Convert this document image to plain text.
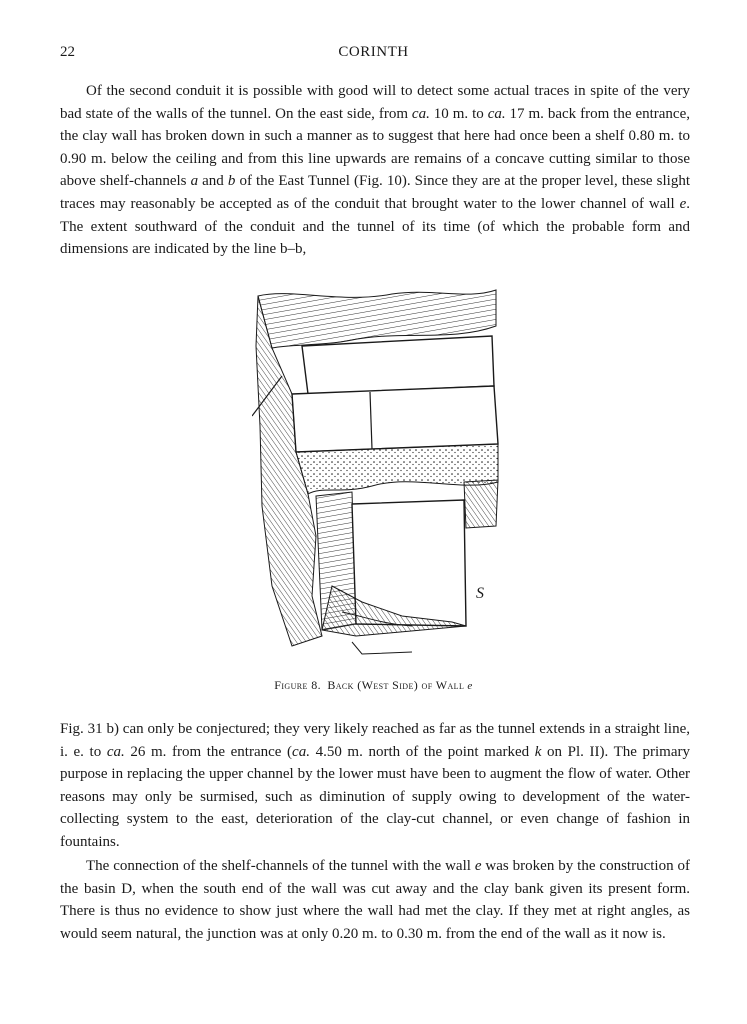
22	CORINTH

Of the second conduit it is possible with good will to detect some actual traces in spite of the very bad state of the walls of the tunnel. On the east side, from ca. 10 m. to ca. 17 m. back from the entrance, the clay wall has broken down in such a manner as to suggest that here had once been a shelf 0.80 m. to 0.90 m. below the ceiling and from this line upwards are remains of a concave cutting similar to those above shelf-channels a and b of the East Tunnel (Fig. 10). Since they are at the proper level, these slight traces may reasonably be accepted as of the conduit that brought water to the lower channel of wall e. The extent southward of the conduit and the tunnel of its time (of which the probable form and dimensions are indicated by the line b–b,

S
Figure 8. Back (West Side) of Wall e

Fig. 31 b) can only be conjectured; they very likely reached as far as the tunnel extends in a straight line, i. e. to ca. 26 m. from the entrance (ca. 4.50 m. north of the point marked k on Pl. II). The primary purpose in replacing the upper channel by the lower must have been to augment the flow of water. Other reasons may only be surmised, such as diminution of supply owing to development of the water-collecting system to the east, deterioration of the clay-cut channel, or even change of fashion in fountains.

The connection of the shelf-channels of the tunnel with the wall e was broken by the construction of the basin D, when the south end of the wall was cut away and the clay bank given its present form. There is thus no evidence to show just where the wall had met the clay. If they met at right angles, as would seem natural, the junction was at only 0.20 m. to 0.30 m. from the end of the wall as it now is.
